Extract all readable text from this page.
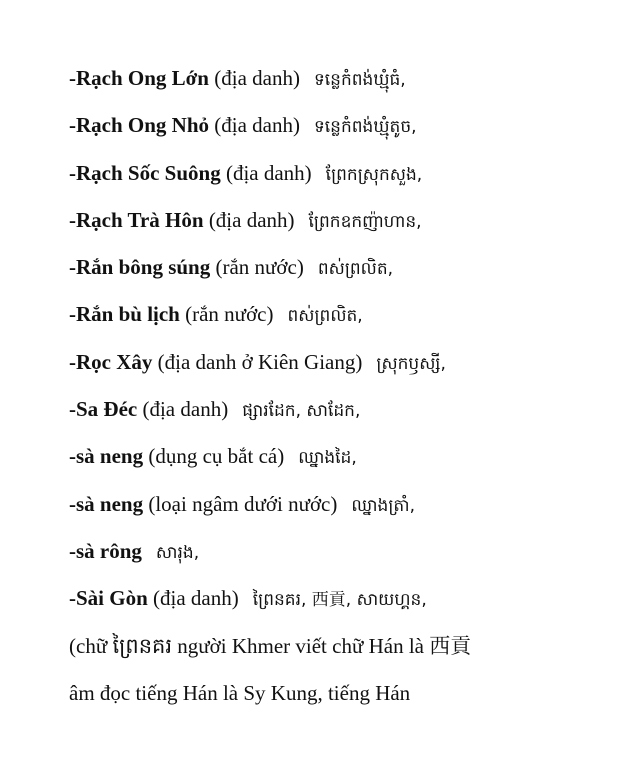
-Rạch Ong Lớn (địa danh) ទន្លេកំពង់ឃ្មុំធំ,
-Rạch Ong Nhỏ (địa danh) ទន្លេកំពង់ឃ្មុំតូច,
-Rạch Sốc Suông (địa danh) ព្រែកស្រុកសួង,
-Rạch Trà Hôn (địa danh) ព្រែកឧកញ៉ាហាន,
-Rắn bông súng (rắn nước) ពស់ព្រលិត,
-Rắn bù lịch (rắn nước) ពស់ព្រលិត,
-Rọc Xây (địa danh ở Kiên Giang) ស្រុកឫស្សី,
-Sa Đéc (địa danh) ផ្សារដែក, សាដែក,
-sà neng (dụng cụ bắt cá) ឈ្នាងដៃ,
-sà neng (loại ngâm dưới nước) ឈ្នាងត្រាំ,
-sà rông សារុង,
-Sài Gòn (địa danh) ព្រៃនគរ, 西貢, សាយហ្គន,
(chữ ព្រៃនគរ người Khmer viết chữ Hán là 西貢
âm đọc tiếng Hán là Sy Kung, tiếng Hán
